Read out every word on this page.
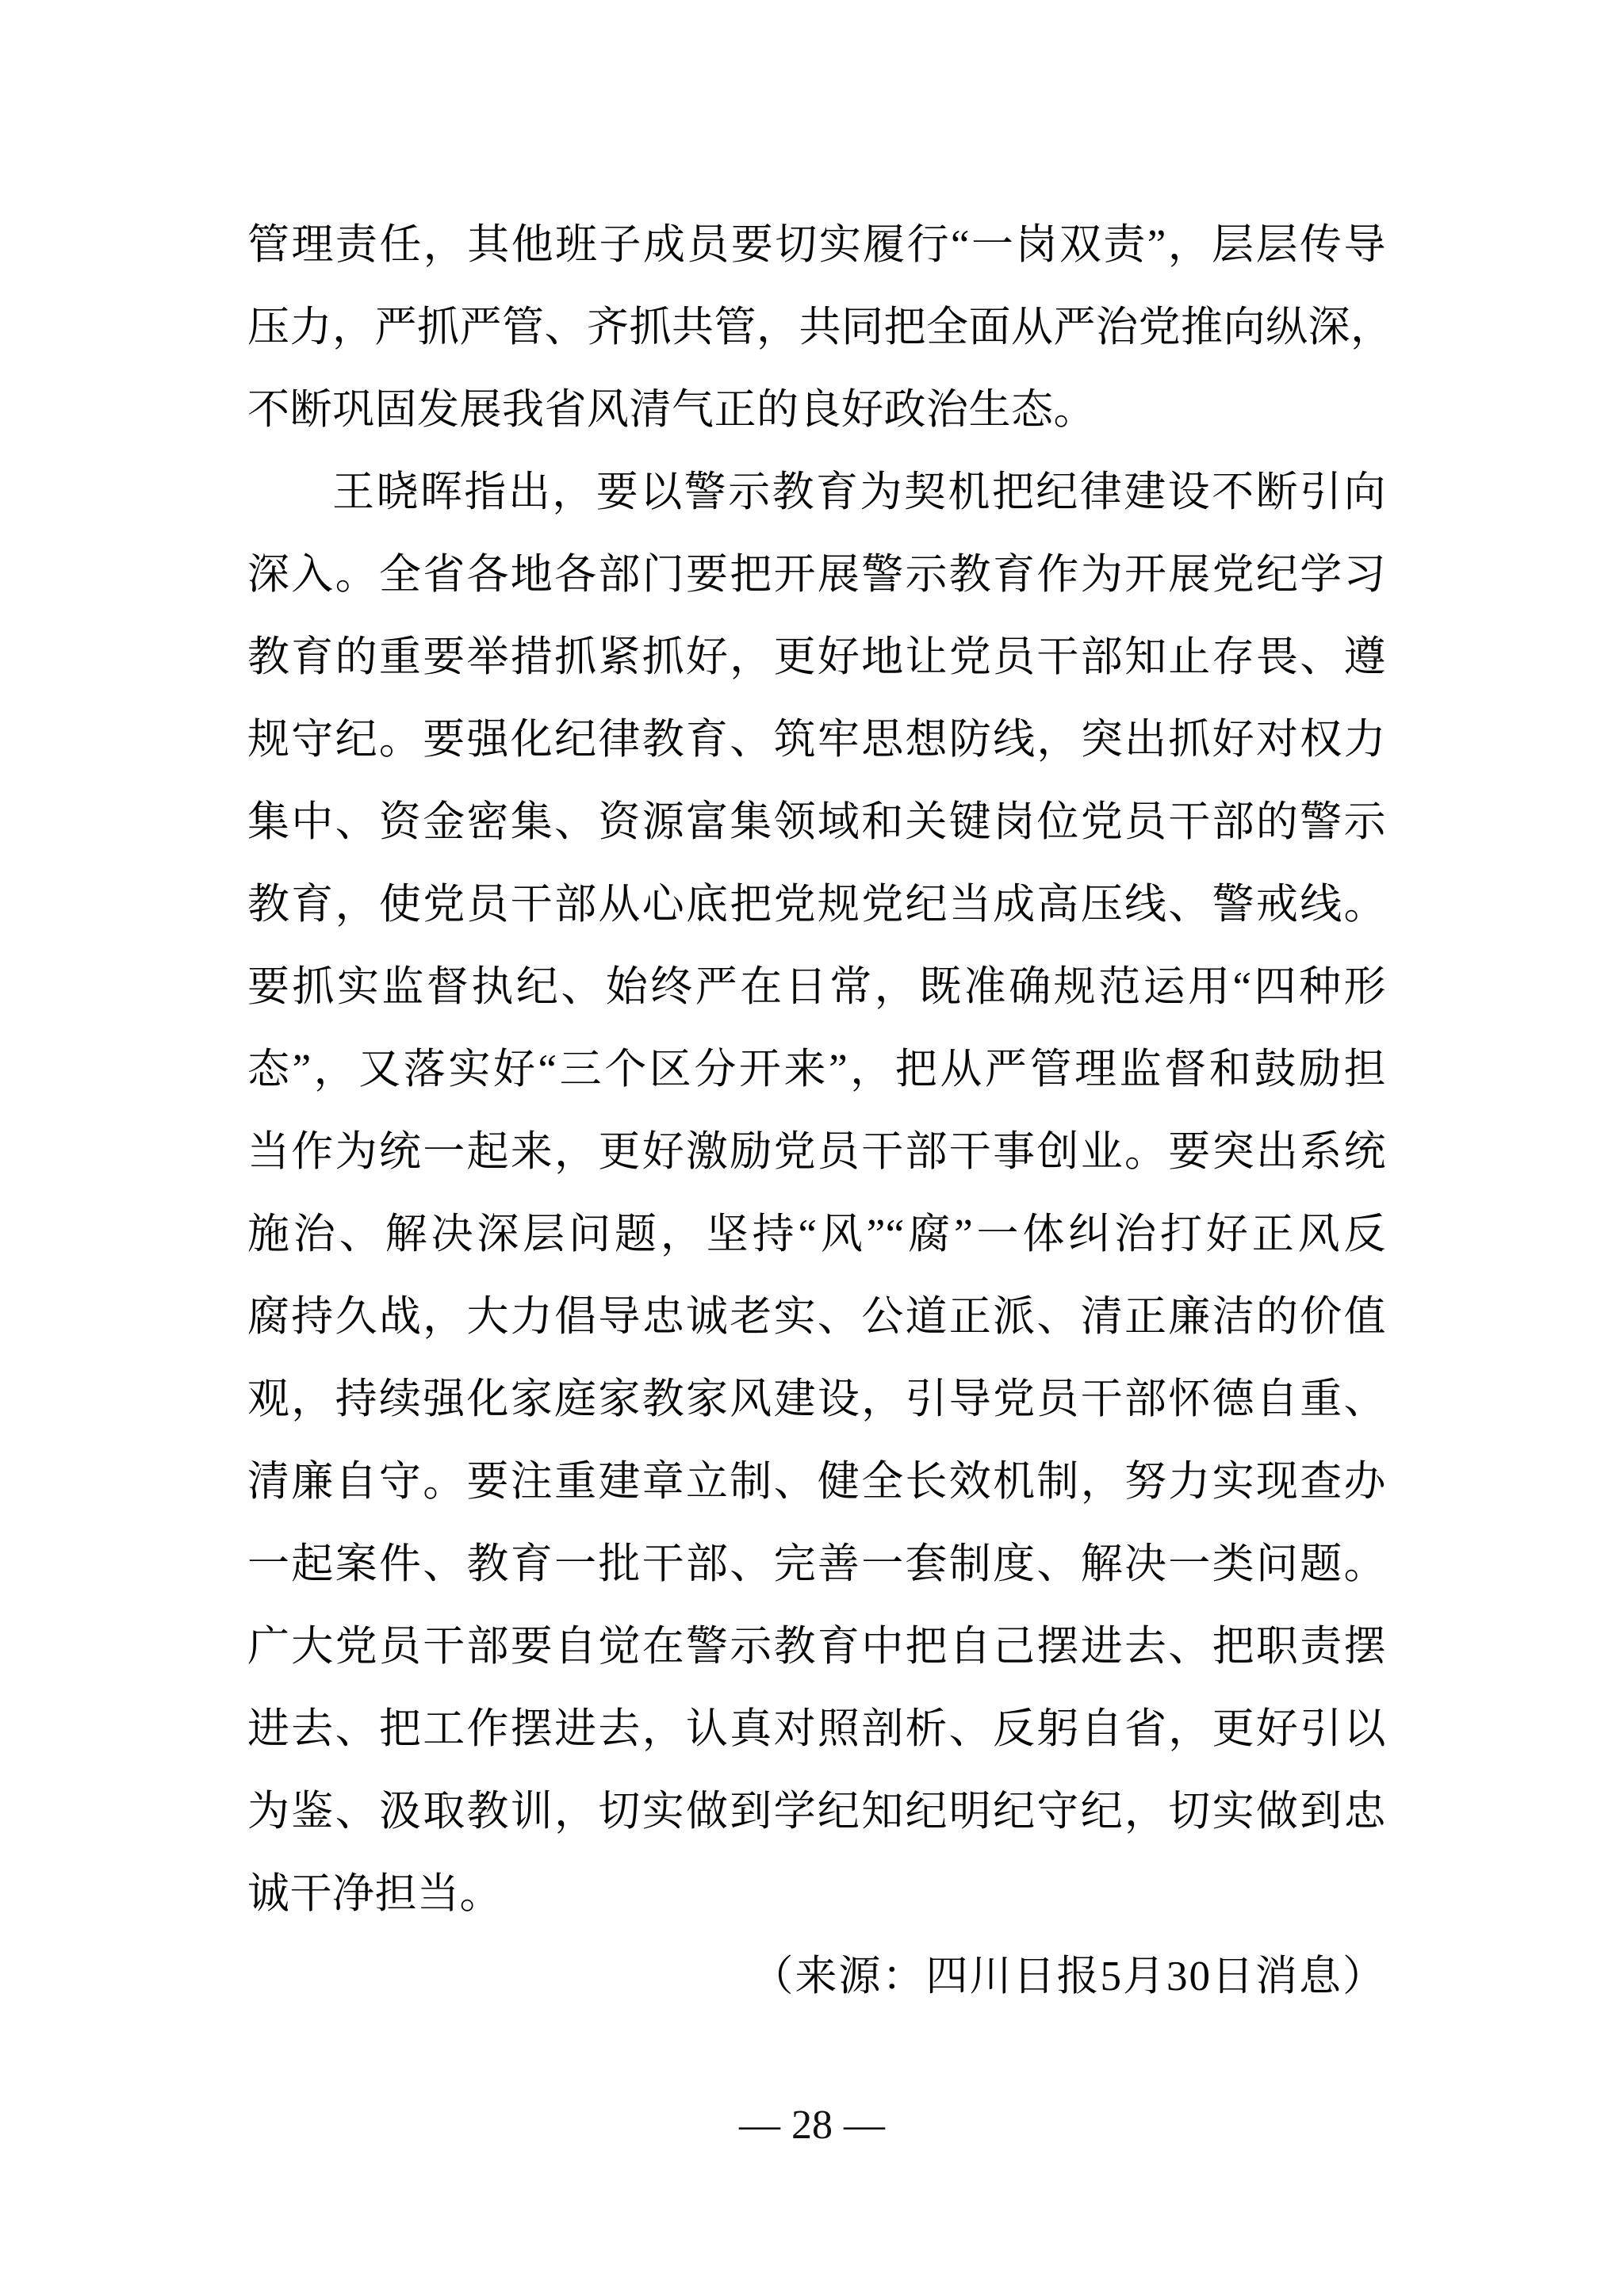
管理责任，其他班子成员要切实履行“一岗双责”，层层传导
压力，严抓严管、齐抓共管，共同把全面从严治党推向纵深，
不断巩固发展我省风清气正的良好政治生态。
王晓晖指出，要以警示教育为契机把纪律建设不断引向
深入。全省各地各部门要把开展警示教育作为开展党纪学习
教育的重要举措抓紧抓好，更好地让党员干部知止存畏、遵
规守纪。要强化纪律教育、筑牢思想防线，突出抓好对权力
集中、资金密集、资源富集领域和关键岗位党员干部的警示
教育，使党员干部从心底把党规党纪当成高压线、警戒线。
要抓实监督执纪、始终严在日常，既准确规范运用“四种形
态”，又落实好“三个区分开来”，把从严管理监督和鼓励担
当作为统一起来，更好激励党员干部干事创业。要突出系统
施治、解决深层问题，坚持“风”“腐”一体纠治打好正风反
腐持久战，大力倡导忠诚老实、公道正派、清正廉洁的价值
观，持续强化家庭家教家风建设，引导党员干部怀德自重、
清廉自守。要注重建章立制、健全长效机制，努力实现查办
一起案件、教育一批干部、完善一套制度、解决一类问题。
广大党员干部要自觉在警示教育中把自己摆进去、把职责摆
进去、把工作摆进去，认真对照剖析、反躬自省，更好引以
为鉴、汲取教训，切实做到学纪知纪明纪守纪，切实做到忠
诚干净担当。
（来源：四川日报5月30日消息）
— 28 —
